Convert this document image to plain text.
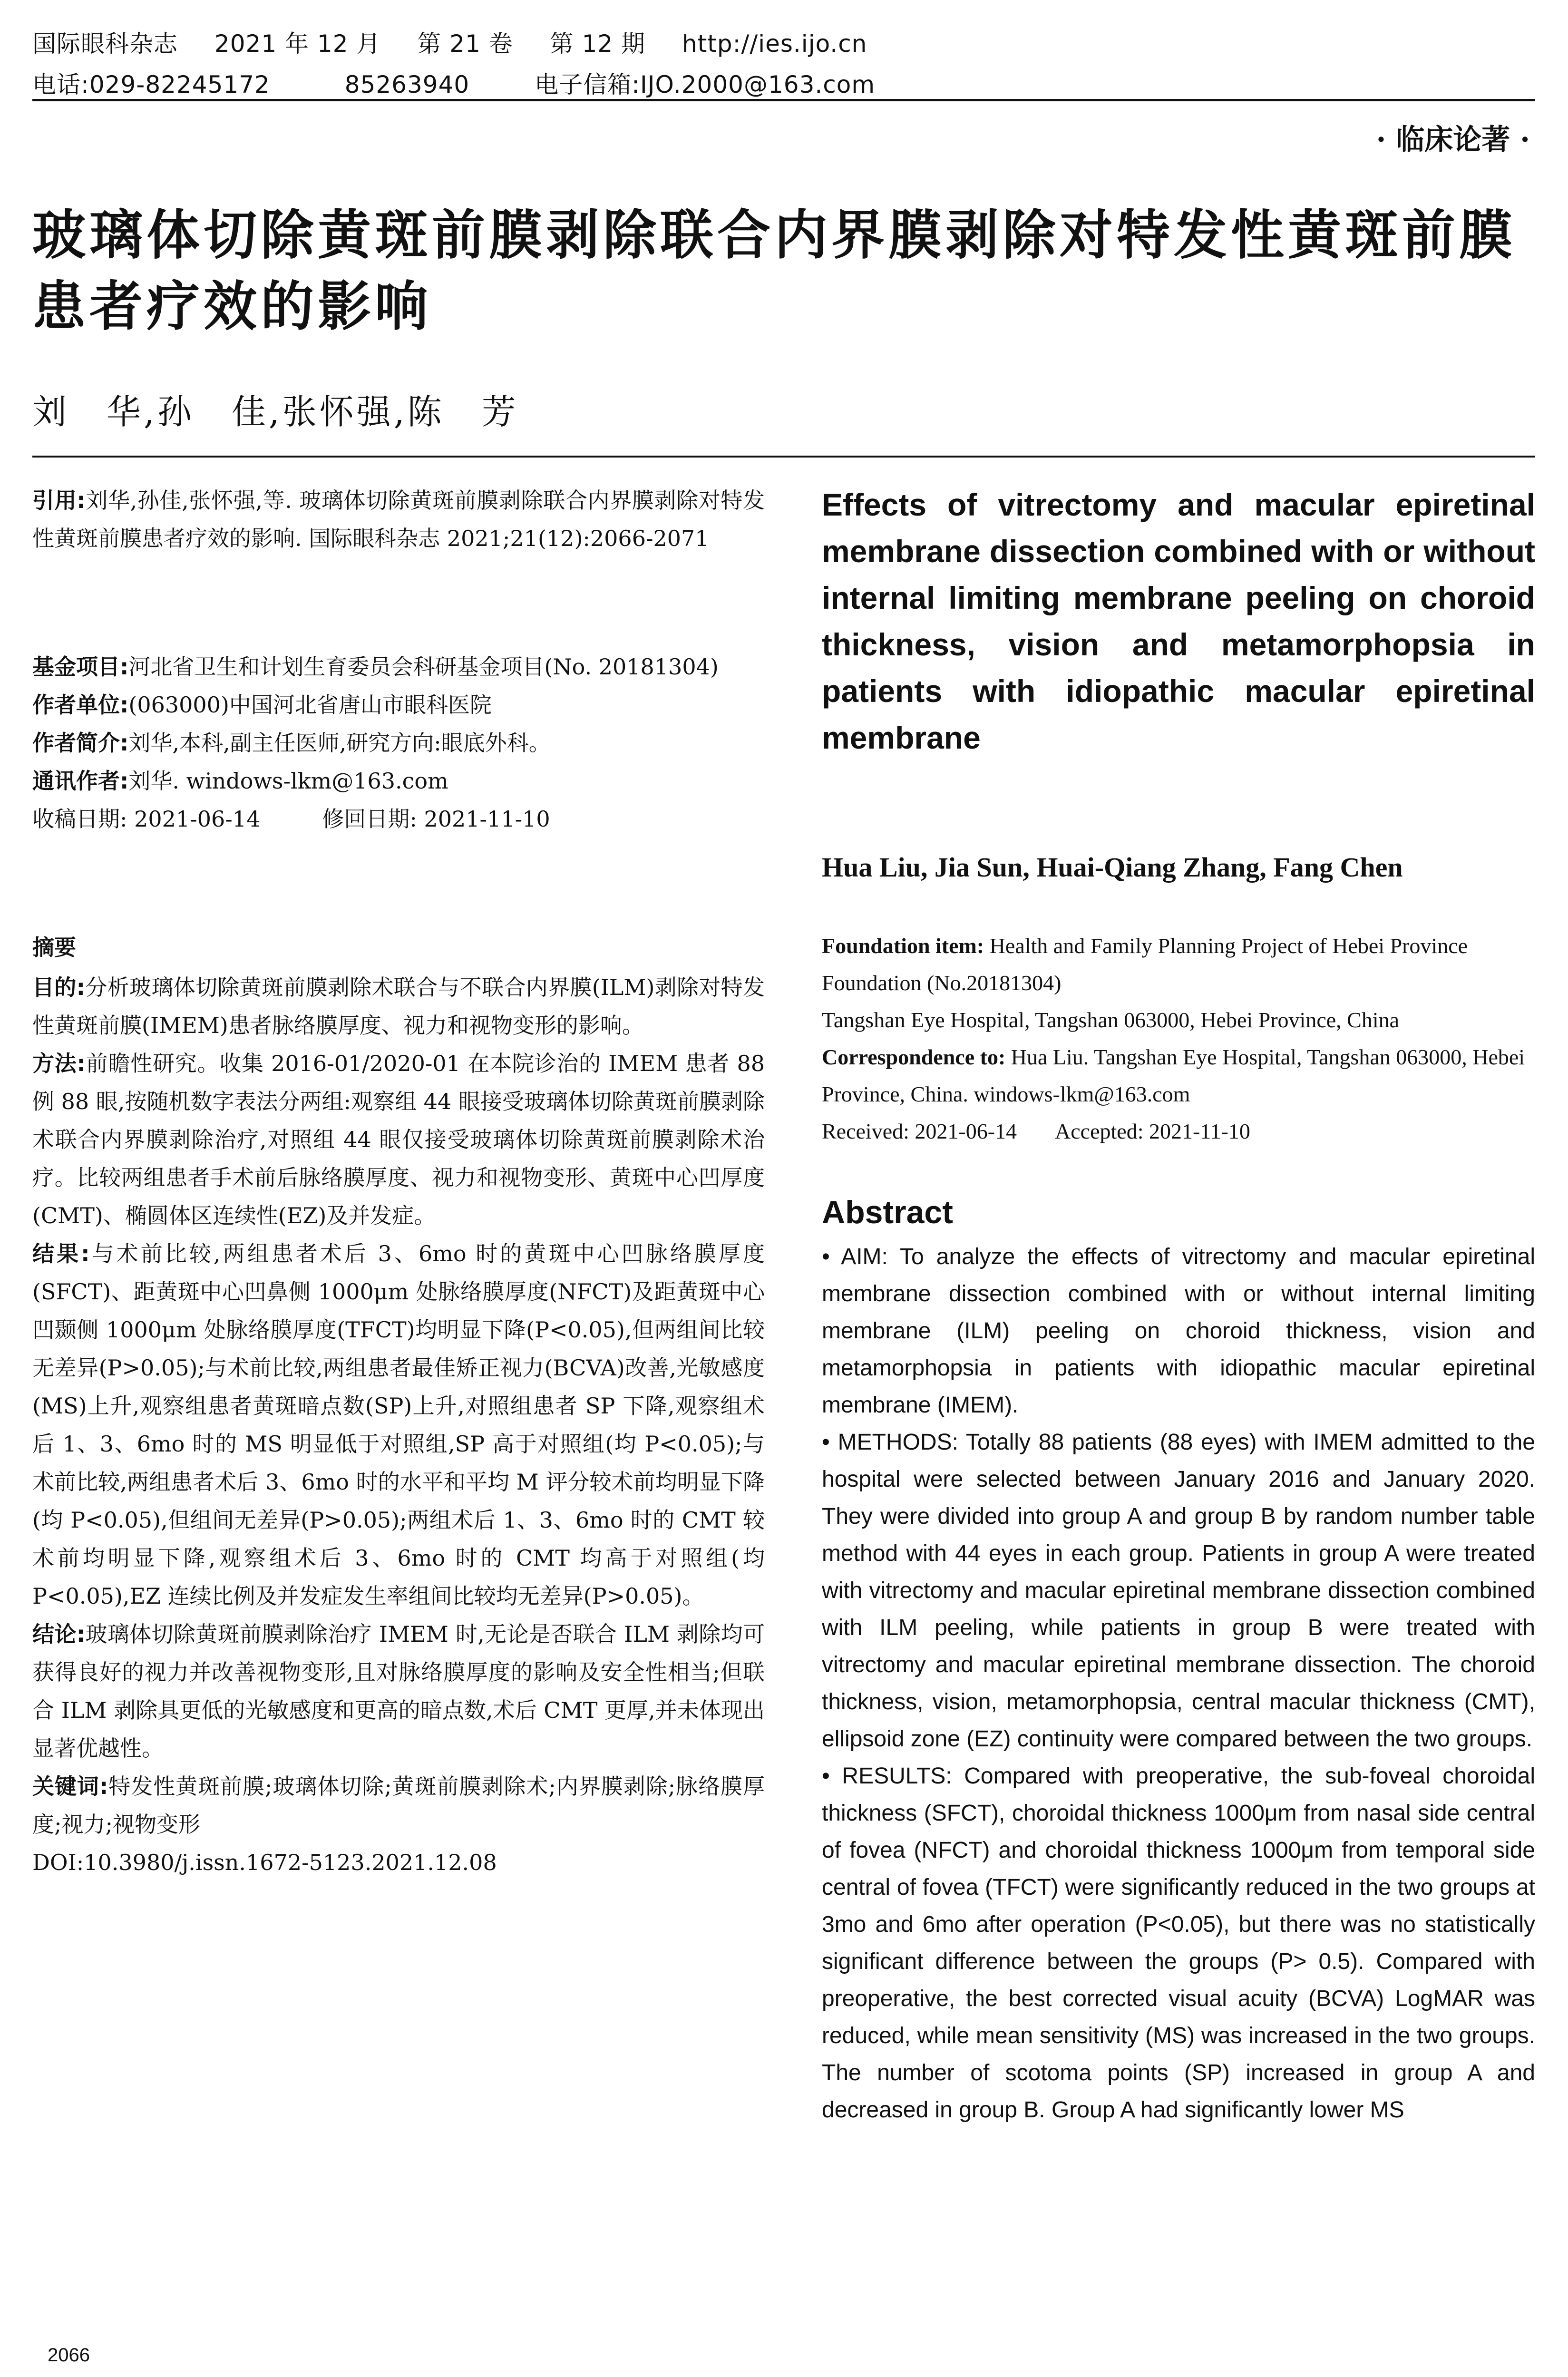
国际眼科杂志 2021 年 12 月 第 21 卷 第 12 期 http://ies.ijo.cn
电话:029-82245172	85263940	电子信箱:IJO.2000@163.com
· 临床论著 ·
玻璃体切除黄斑前膜剥除联合内界膜剥除对特发性黄斑前膜患者疗效的影响
刘　华,孙　佳,张怀强,陈　芳

引用:刘华,孙佳,张怀强,等. 玻璃体切除黄斑前膜剥除联合内界膜剥除对特发性黄斑前膜患者疗效的影响. 国际眼科杂志 2021;21(12):2066-2071

基金项目:河北省卫生和计划生育委员会科研基金项目(No. 20181304)

作者单位:(063000)中国河北省唐山市眼科医院

作者简介:刘华,本科,副主任医师,研究方向:眼底外科。

通讯作者:刘华. windows-lkm@163.com

收稿日期: 2021-06-14	修回日期: 2021-11-10

摘要

目的:分析玻璃体切除黄斑前膜剥除术联合与不联合内界膜(ILM)剥除对特发性黄斑前膜(IMEM)患者脉络膜厚度、视力和视物变形的影响。

方法:前瞻性研究。收集 2016-01/2020-01 在本院诊治的 IMEM 患者 88 例 88 眼,按随机数字表法分两组:观察组 44 眼接受玻璃体切除黄斑前膜剥除术联合内界膜剥除治疗,对照组 44 眼仅接受玻璃体切除黄斑前膜剥除术治疗。比较两组患者手术前后脉络膜厚度、视力和视物变形、黄斑中心凹厚度(CMT)、椭圆体区连续性(EZ)及并发症。

结果:与术前比较,两组患者术后 3、6mo 时的黄斑中心凹脉络膜厚度(SFCT)、距黄斑中心凹鼻侧 1000μm 处脉络膜厚度(NFCT)及距黄斑中心凹颞侧 1000μm 处脉络膜厚度(TFCT)均明显下降(P<0.05),但两组间比较无差异(P>0.05);与术前比较,两组患者最佳矫正视力(BCVA)改善,光敏感度(MS)上升,观察组患者黄斑暗点数(SP)上升,对照组患者 SP 下降,观察组术后 1、3、6mo 时的 MS 明显低于对照组,SP 高于对照组(均 P<0.05);与术前比较,两组患者术后 3、6mo 时的水平和平均 M 评分较术前均明显下降(均 P<0.05),但组间无差异(P>0.05);两组术后 1、3、6mo 时的 CMT 较术前均明显下降,观察组术后 3、6mo 时的 CMT 均高于对照组(均 P<0.05),EZ 连续比例及并发症发生率组间比较均无差异(P>0.05)。

结论:玻璃体切除黄斑前膜剥除治疗 IMEM 时,无论是否联合 ILM 剥除均可获得良好的视力并改善视物变形,且对脉络膜厚度的影响及安全性相当;但联合 ILM 剥除具更低的光敏感度和更高的暗点数,术后 CMT 更厚,并未体现出显著优越性。

关键词:特发性黄斑前膜;玻璃体切除;黄斑前膜剥除术;内界膜剥除;脉络膜厚度;视力;视物变形

DOI:10.3980/j.issn.1672-5123.2021.12.08

Effects of vitrectomy and macular epiretinal membrane dissection combined with or without internal limiting membrane peeling on choroid thickness, vision and metamorphopsia in patients with idiopathic macular epiretinal membrane
Hua Liu, Jia Sun, Huai-Qiang Zhang, Fang Chen
Foundation item: Health and Family Planning Project of Hebei Province Foundation (No.20181304)
Tangshan Eye Hospital, Tangshan 063000, Hebei Province, China
Correspondence to: Hua Liu. Tangshan Eye Hospital, Tangshan 063000, Hebei Province, China. windows-lkm@163.com
Received: 2021-06-14 Accepted: 2021-11-10
Abstract

• AIM: To analyze the effects of vitrectomy and macular epiretinal membrane dissection combined with or without internal limiting membrane (ILM) peeling on choroid thickness, vision and metamorphopsia in patients with idiopathic macular epiretinal membrane (IMEM).

• METHODS: Totally 88 patients (88 eyes) with IMEM admitted to the hospital were selected between January 2016 and January 2020. They were divided into group A and group B by random number table method with 44 eyes in each group. Patients in group A were treated with vitrectomy and macular epiretinal membrane dissection combined with ILM peeling, while patients in group B were treated with vitrectomy and macular epiretinal membrane dissection. The choroid thickness, vision, metamorphopsia, central macular thickness (CMT), ellipsoid zone (EZ) continuity were compared between the two groups.

• RESULTS: Compared with preoperative, the sub-foveal choroidal thickness (SFCT), choroidal thickness 1000μm from nasal side central of fovea (NFCT) and choroidal thickness 1000μm from temporal side central of fovea (TFCT) were significantly reduced in the two groups at 3mo and 6mo after operation (P<0.05), but there was no statistically significant difference between the groups (P> 0.5). Compared with preoperative, the best corrected visual acuity (BCVA) LogMAR was reduced, while mean sensitivity (MS) was increased in the two groups. The number of scotoma points (SP) increased in group A and decreased in group B. Group A had significantly lower MS

2066
